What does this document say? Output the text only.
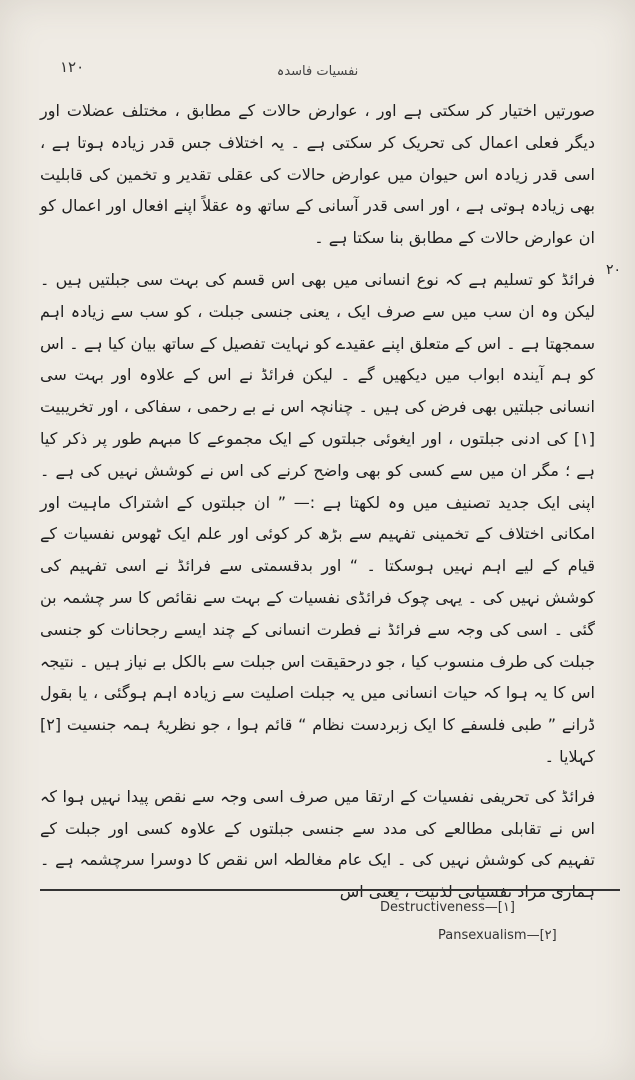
۱۲۰	نفسیات فاسدہ
۲۰

صورتیں اختیار کر سکتی ہے اور ، عوارض حالات کے مطابق ، مختلف عضلات اور دیگر فعلی اعمال کی تحریک کر سکتی ہے ۔ یہ اختلاف جس قدر زیادہ ہوتا ہے ، اسی قدر زیادہ اس حیوان میں عوارض حالات کی عقلی تقدیر و تخمین کی قابلیت بھی زیادہ ہوتی ہے ، اور اسی قدر آسانی کے ساتھ وہ عقلاً اپنے افعال اور اعمال کو ان عوارض حالات کے مطابق بنا سکتا ہے ۔

فرائڈ کو تسلیم ہے کہ نوع انسانی میں بھی اس قسم کی بہت سی جبلتیں ہیں ۔ لیکن وہ ان سب میں سے صرف ایک ، یعنی جنسی جبلت ، کو سب سے زیادہ اہم سمجھتا ہے ۔ اس کے متعلق اپنے عقیدے کو نہایت تفصیل کے ساتھ بیان کیا ہے ۔ اس کو ہم آیندہ ابواب میں دیکھیں گے ۔ لیکن فرائڈ نے اس کے علاوہ اور بہت سی انسانی جبلتیں بھی فرض کی ہیں ۔ چنانچہ اس نے بے رحمی ، سفاکی ، اور تخریبیت [۱] کی ادنی جبلتوں ، اور ایغوئی جبلتوں کے ایک مجموعے کا مبہم طور پر ذکر کیا ہے ؛ مگر ان میں سے کسی کو بھی واضح کرنے کی اس نے کوشش نہیں کی ہے ۔ اپنی ایک جدید تصنیف میں وہ لکھتا ہے :— ” ان جبلتوں کے اشتراک ماہیت اور امکانی اختلاف کے تخمینی تفہیم سے بڑھ کر کوئی اور علم ایک ٹھوس نفسیات کے قیام کے لیے اہم نہیں ہوسکتا ۔ “ اور بدقسمتی سے فرائڈ نے اسی تفہیم کی کوشش نہیں کی ۔ یہی چوک فرائڈی نفسیات کے بہت سے نقائص کا سر چشمہ بن گئی ۔ اسی کی وجہ سے فرائڈ نے فطرت انسانی کے چند ایسے رجحانات کو جنسی جبلت کی طرف منسوب کیا ، جو درحقیقت اس جبلت سے بالکل بے نیاز ہیں ۔ نتیجہ اس کا یہ ہوا کہ حیات انسانی میں یہ جبلت اصلیت سے زیادہ اہم ہوگئی ، یا بقول ڈرانے ” طبی فلسفے کا ایک زبردست نظام “ قائم ہوا ، جو نظریۂ ہمہ جنسیت [۲] کہلایا ۔

فرائڈ کی تحریفی نفسیات کے ارتقا میں صرف اسی وجہ سے نقص پیدا نہیں ہوا کہ اس نے تقابلی مطالعے کی مدد سے جنسی جبلتوں کے علاوہ کسی اور جبلت کے تفہیم کی کوشش نہیں کی ۔ ایک عام مغالطہ اس نقص کا دوسرا سرچشمہ ہے ۔ ہماری مراد نفسیاتی لذتیت ، یعنی اس

Destructiveness—[۱]
Pansexualism—[۲]
